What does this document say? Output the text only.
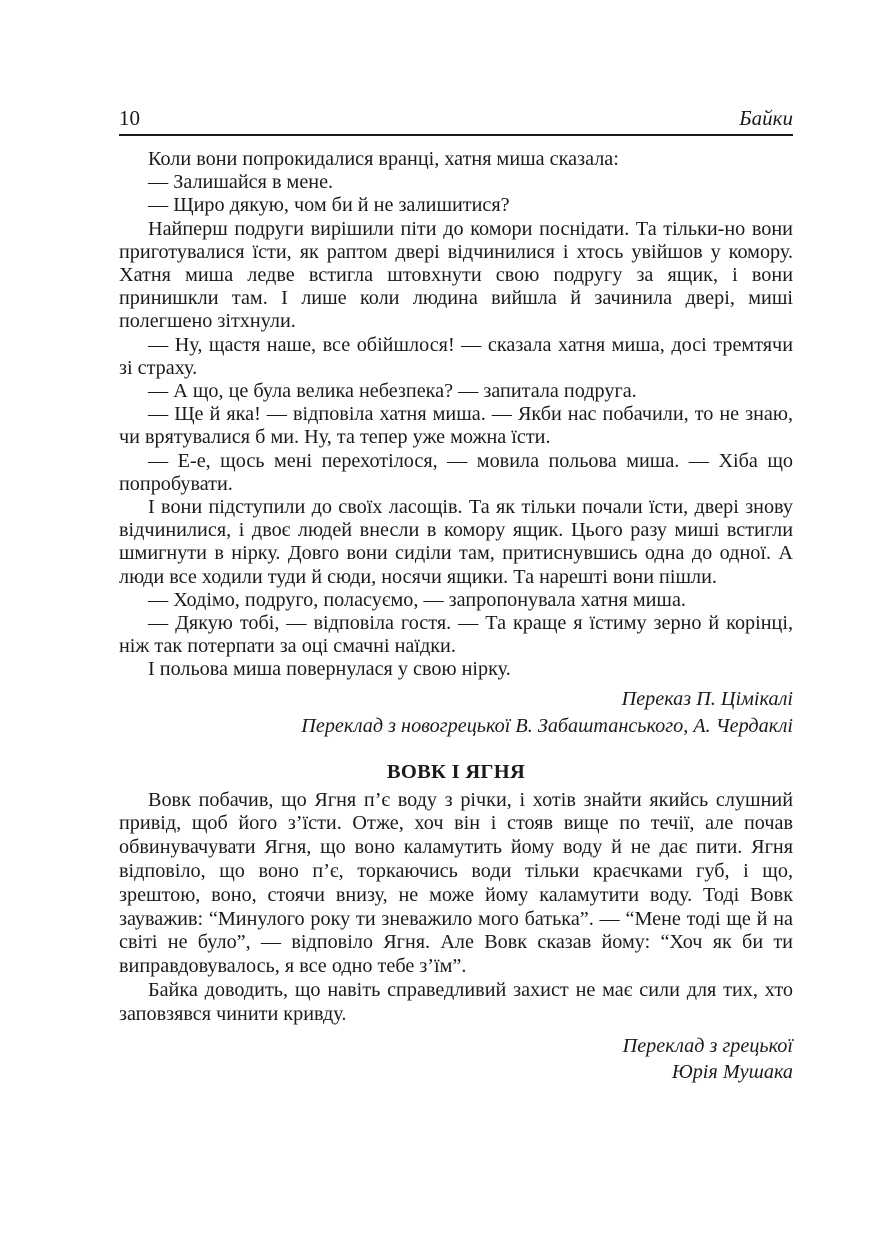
10	Байки

Коли вони попрокидалися вранці, хатня миша сказала:

— Залишайся в мене.

— Щиро дякую, чом би й не залишитися?

Найперш подруги вирішили піти до комори поснідати. Та тільки-но вони приготувалися їсти, як раптом двері відчинилися і хтось увійшов у комору. Хатня миша ледве встигла штовхнути свою подругу за ящик, і вони принишкли там. І лише коли людина вийшла й зачинила двері, миші полегшено зітхнули.

— Ну, щастя наше, все обійшлося! — сказала хатня миша, досі тремтячи зі страху.

— А що, це була велика небезпека? — запитала подруга.

— Ще й яка! — відповіла хатня миша. — Якби нас побачили, то не знаю, чи врятувалися б ми. Ну, та тепер уже можна їсти.

— Е-е, щось мені перехотілося, — мовила польова миша. — Хіба що попробувати.

І вони підступили до своїх ласощів. Та як тільки почали їсти, двері знову відчинилися, і двоє людей внесли в комору ящик. Цього разу миші встигли шмигнути в нірку. Довго вони сиділи там, притиснувшись одна до одної. А люди все ходили туди й сюди, носячи ящики. Та нарешті вони пішли.

— Ходімо, подруго, поласуємо, — запропонувала хатня миша.

— Дякую тобі, — відповіла гостя. — Та краще я їстиму зерно й корінці, ніж так потерпати за оці смачні наїдки.

І польова миша повернулася у свою нірку.

Переказ П. Цімікалі

Переклад з новогрецької В. Забаштанського, А. Чердаклі

ВОВК І ЯГНЯ

Вовк побачив, що Ягня п’є воду з річки, і хотів знайти якийсь слушний привід, щоб його з’їсти. Отже, хоч він і стояв вище по течії, але почав обвинувачувати Ягня, що воно каламутить йому воду й не дає пити. Ягня відповіло, що воно п’є, торкаючись води тільки краєчками губ, і що, зрештою, воно, стоячи внизу, не може йому каламутити воду. Тоді Вовк зауважив: “Минулого року ти зневажило мого батька”. — “Мене тоді ще й на світі не було”, — відповіло Ягня. Але Вовк сказав йому: “Хоч як би ти виправдовувалось, я все одно тебе з’їм”.

Байка доводить, що навіть справедливий захист не має сили для тих, хто заповзявся чинити кривду.

Переклад з грецької

Юрія Мушака
